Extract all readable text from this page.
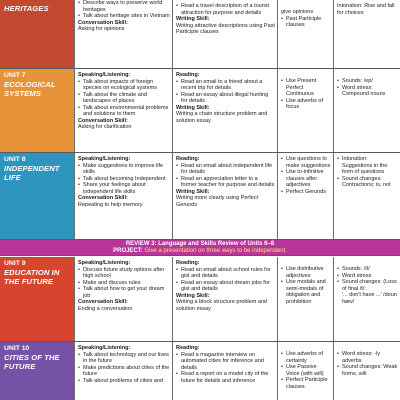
HERITAGES
• Describe ways to preserve world heritages
• Talk about heritage sites in Vietnam
Conversation Skill:
Asking for opinions
• Read a travel description of a tourist attraction for purpose and details
Writing Skill:
Writing attractive descriptions using Past Participle clauses
give opinions
• Past Participle clauses
Intonation: Rise and fall for choices
UNIT 7
ECOLOGICAL SYSTEMS
Speaking/Listening:
• Talk about impacts of foreign species on ecological systems
• Talk about the climate and landscapes of places
• Talk about environmental problems and solutions to them
Conversation Skill:
Asking for clarification
Reading:
• Read an email to a friend about a recent trip for details
• Read an essay about illegal hunting for details
Writing Skill:
Writing a chain structure problem and solution essay
• Use Present Perfect Continuous
• Use adverbs of focus
• Sounds: /ep/
• Word stress: Compound nouns
UNIT 8
INDEPENDENT LIFE
Speaking/Listening:
• Make suggestions to improve life skills
• Talk about becoming Independent
• Share your feelings about independent life skills
Conversation Skill:
Repeating to help memory
Reading:
• Read an email about independent life for details
• Read an appreciation letter to a former teacher for purpose and details
Writing Skill:
Writing more clearly using Perfect Gerunds
• Use questions to make suggestions
• Use to-infinitive clauses after adjectives
• Perfect Gerunds
• Intonation: Suggestions in the form of questions
• Sound changes: Contractions; is, not
REVIEW 3: Language and Skills Review of Units 6–8
PROJECT: Give a presentation on three ways to be independent.
UNIT 9
EDUCATION IN THE FUTURE
Speaking/Listening:
• Discuss future study options after high school
• Make and discuss rules
• Talk about how to get your dream job
Conversation Skill:
Ending a conversation
Reading:
• Read an email about school rules for gist and details
• Read an essay about dream jobs for gist and details
Writing Skill:
Writing a block structure problem and solution essay
• Use distributive adjectives
• Use modals and semi-modals of obligation and prohibition
• Sounds: /ð/
• Word stress
• Sound changes: (Loss of final /t/:
'... don't have ...' /doun hæv/
UNIT 10
CITIES OF THE FUTURE
Speaking/Listening:
• Talk about technology and our lives in the future
• Make predictions about cities of the future
• Talk about problems of cities and
Reading:
• Read a magazine interview on automated cities for inference and details
• Read a report on a model city of the future for details and inference
• Use adverbs of certainty
• Use Passive Voice (with will)
• Perfect Participle clauses
• Word stress: -ly adverbs
• Sound changes: Weak forms, will
